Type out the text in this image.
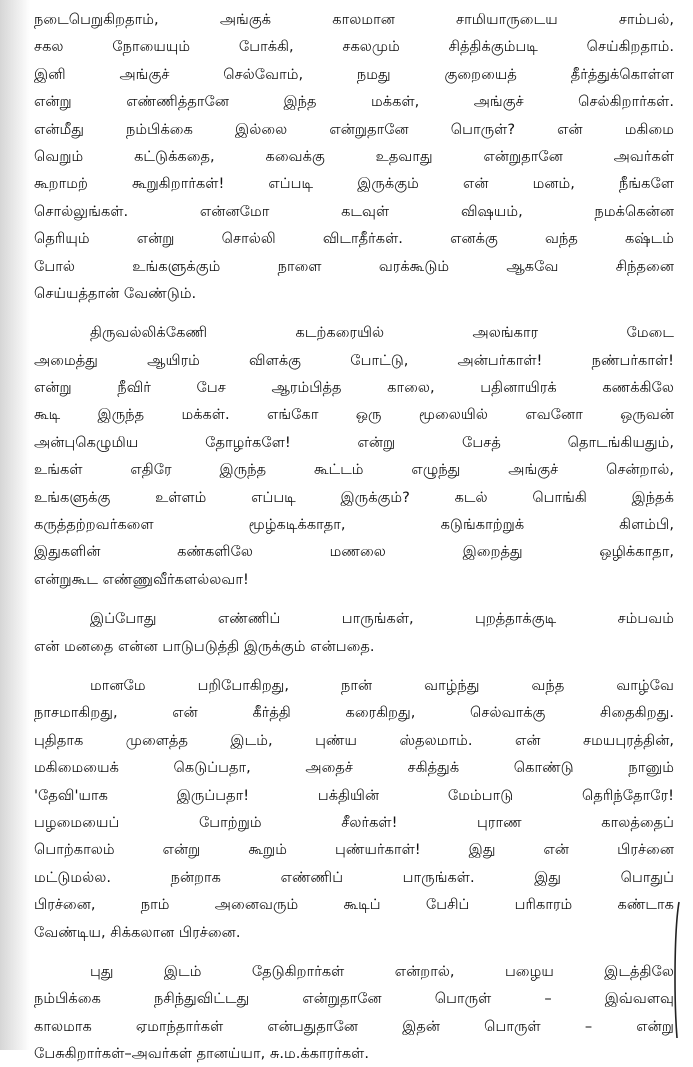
நடைபெறுகிறதாம், அங்குக் காலமான சாமியாருடைய சாம்பல்,
சகல நோயையும் போக்கி, சகலமும் சித்திக்கும்படி செய்கிறதாம்.
இனி அங்குச் செல்வோம், நமது குறையைத் தீர்த்துக்கொள்ள
என்று எண்ணித்தானே இந்த மக்கள், அங்குச் செல்கிறார்கள்.
என்மீது நம்பிக்கை இல்லை என்றுதானே பொருள்? என் மகிமை
வெறும் கட்டுக்கதை, கவைக்கு உதவாது என்றுதானே அவர்கள்
கூறாமற் கூறுகிறார்கள்! எப்படி இருக்கும் என் மனம், நீங்களே
சொல்லுங்கள். என்னமோ கடவுள் விஷயம், நமக்கென்ன
தெரியும் என்று சொல்லி விடாதீர்கள். எனக்கு வந்த கஷ்டம்
போல் உங்களுக்கும் நாளை வரக்கூடும் ஆகவே சிந்தனை
செய்யத்தான் வேண்டும்.
திருவல்லிக்கேணி கடற்கரையில் அலங்கார மேடை
அமைத்து ஆயிரம் விளக்கு போட்டு, அன்பர்காள்! நண்பர்காள்!
என்று நீவிர் பேச ஆரம்பித்த காலை, பதினாயிரக் கணக்கிலே
கூடி இருந்த மக்கள். எங்கோ ஒரு மூலையில் எவனோ ஒருவன்
அன்புகெழுமிய தோழர்களே! என்று பேசத் தொடங்கியதும்,
உங்கள் எதிரே இருந்த கூட்டம் எழுந்து அங்குச் சென்றால்,
உங்களுக்கு உள்ளம் எப்படி இருக்கும்? கடல் பொங்கி இந்தக்
கருத்தற்றவர்களை மூழ்கடிக்காதா, கடுங்காற்றுக் கிளம்பி,
இதுகளின் கண்களிலே மணலை இறைத்து ஒழிக்காதா,
என்றுகூட எண்ணுவீர்களல்லவா!
இப்போது எண்ணிப் பாருங்கள், புறத்தாக்குடி சம்பவம்
என் மனதை என்ன பாடுபடுத்தி இருக்கும் என்பதை.
மானமே பறிபோகிறது, நான் வாழ்ந்து வந்த வாழ்வே
நாசமாகிறது, என் கீர்த்தி கரைகிறது, செல்வாக்கு சிதைகிறது.
புதிதாக முளைத்த இடம், புண்ய ஸ்தலமாம். என் சமயபுரத்தின்,
மகிமையைக் கெடுப்பதா, அதைச் சகித்துக் கொண்டு நானும்
'தேவி'யாக இருப்பதா! பக்தியின் மேம்பாடு தெரிந்தோரே!
பழமையைப் போற்றும் சீலர்கள்! புராண காலத்தைப்
பொற்காலம் என்று கூறும் புண்யர்காள்! இது என் பிரச்னை
மட்டுமல்ல. நன்றாக எண்ணிப் பாருங்கள். இது பொதுப்
பிரச்னை, நாம் அனைவரும் கூடிப் பேசிப் பரிகாரம் கண்டாக
வேண்டிய, சிக்கலான பிரச்னை.
புது இடம் தேடுகிறார்கள் என்றால், பழைய இடத்திலே
நம்பிக்கை நசிந்துவிட்டது என்றுதானே பொருள் – இவ்வளவு
காலமாக ஏமாந்தார்கள் என்பதுதானே இதன் பொருள் – என்று
பேசுகிறார்கள்–அவர்கள் தானய்யா, சு.ம.க்காரர்கள்.
